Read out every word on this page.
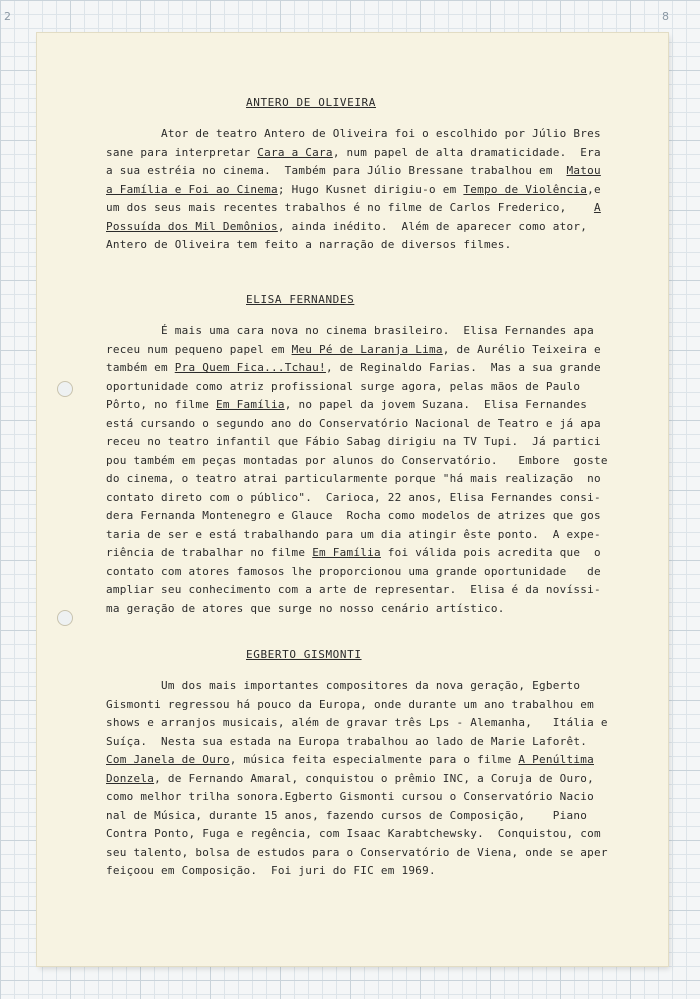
2	8
ANTERO DE OLIVEIRA
Ator de teatro Antero de Oliveira foi o escolhido por Júlio Bres
sane para interpretar Cara a Cara, num papel de alta dramaticidade.  Era
a sua estréia no cinema.  Também para Júlio Bressane trabalhou em  Matou
a Família e Foi ao Cinema; Hugo Kusnet dirigiu-o em Tempo de Violência,e
um dos seus mais recentes trabalhos é no filme de Carlos Frederico,    A
Possuída dos Mil Demônios, ainda inédito.  Além de aparecer como ator,
Antero de Oliveira tem feito a narração de diversos filmes.
ELISA FERNANDES
É mais uma cara nova no cinema brasileiro.  Elisa Fernandes apa
receu num pequeno papel em Meu Pé de Laranja Lima, de Aurélio Teixeira e
também em Pra Quem Fica...Tchau!, de Reginaldo Farias.  Mas a sua grande
oportunidade como atriz profissional surge agora, pelas mãos de Paulo
Pôrto, no filme Em Família, no papel da jovem Suzana.  Elisa Fernandes
está cursando o segundo ano do Conservatório Nacional de Teatro e já apa
receu no teatro infantil que Fábio Sabag dirigiu na TV Tupi.  Já partici
pou também em peças montadas por alunos do Conservatório.   Embore  goste
do cinema, o teatro atrai particularmente porque "há mais realização  no
contato direto com o público".  Carioca, 22 anos, Elisa Fernandes consi-
dera Fernanda Montenegro e Glauce  Rocha como modelos de atrizes que gos
taria de ser e está trabalhando para um dia atingir êste ponto.  A expe-
riência de trabalhar no filme Em Família foi válida pois acredita que  o
contato com atores famosos lhe proporcionou uma grande oportunidade   de
ampliar seu conhecimento com a arte de representar.  Elisa é da novíssi-
ma geração de atores que surge no nosso cenário artístico.
EGBERTO GISMONTI
Um dos mais importantes compositores da nova geração, Egberto
Gismonti regressou há pouco da Europa, onde durante um ano trabalhou em
shows e arranjos musicais, além de gravar três Lps - Alemanha,   Itália e
Suíça.  Nesta sua estada na Europa trabalhou ao lado de Marie Laforêt.
Com Janela de Ouro, música feita especialmente para o filme A Penúltima
Donzela, de Fernando Amaral, conquistou o prêmio INC, a Coruja de Ouro,
como melhor trilha sonora.Egberto Gismonti cursou o Conservatório Nacio
nal de Música, durante 15 anos, fazendo cursos de Composição,    Piano
Contra Ponto, Fuga e regência, com Isaac Karabtchewsky.  Conquistou, com
seu talento, bolsa de estudos para o Conservatório de Viena, onde se aper
feiçoou em Composição.  Foi juri do FIC em 1969.
